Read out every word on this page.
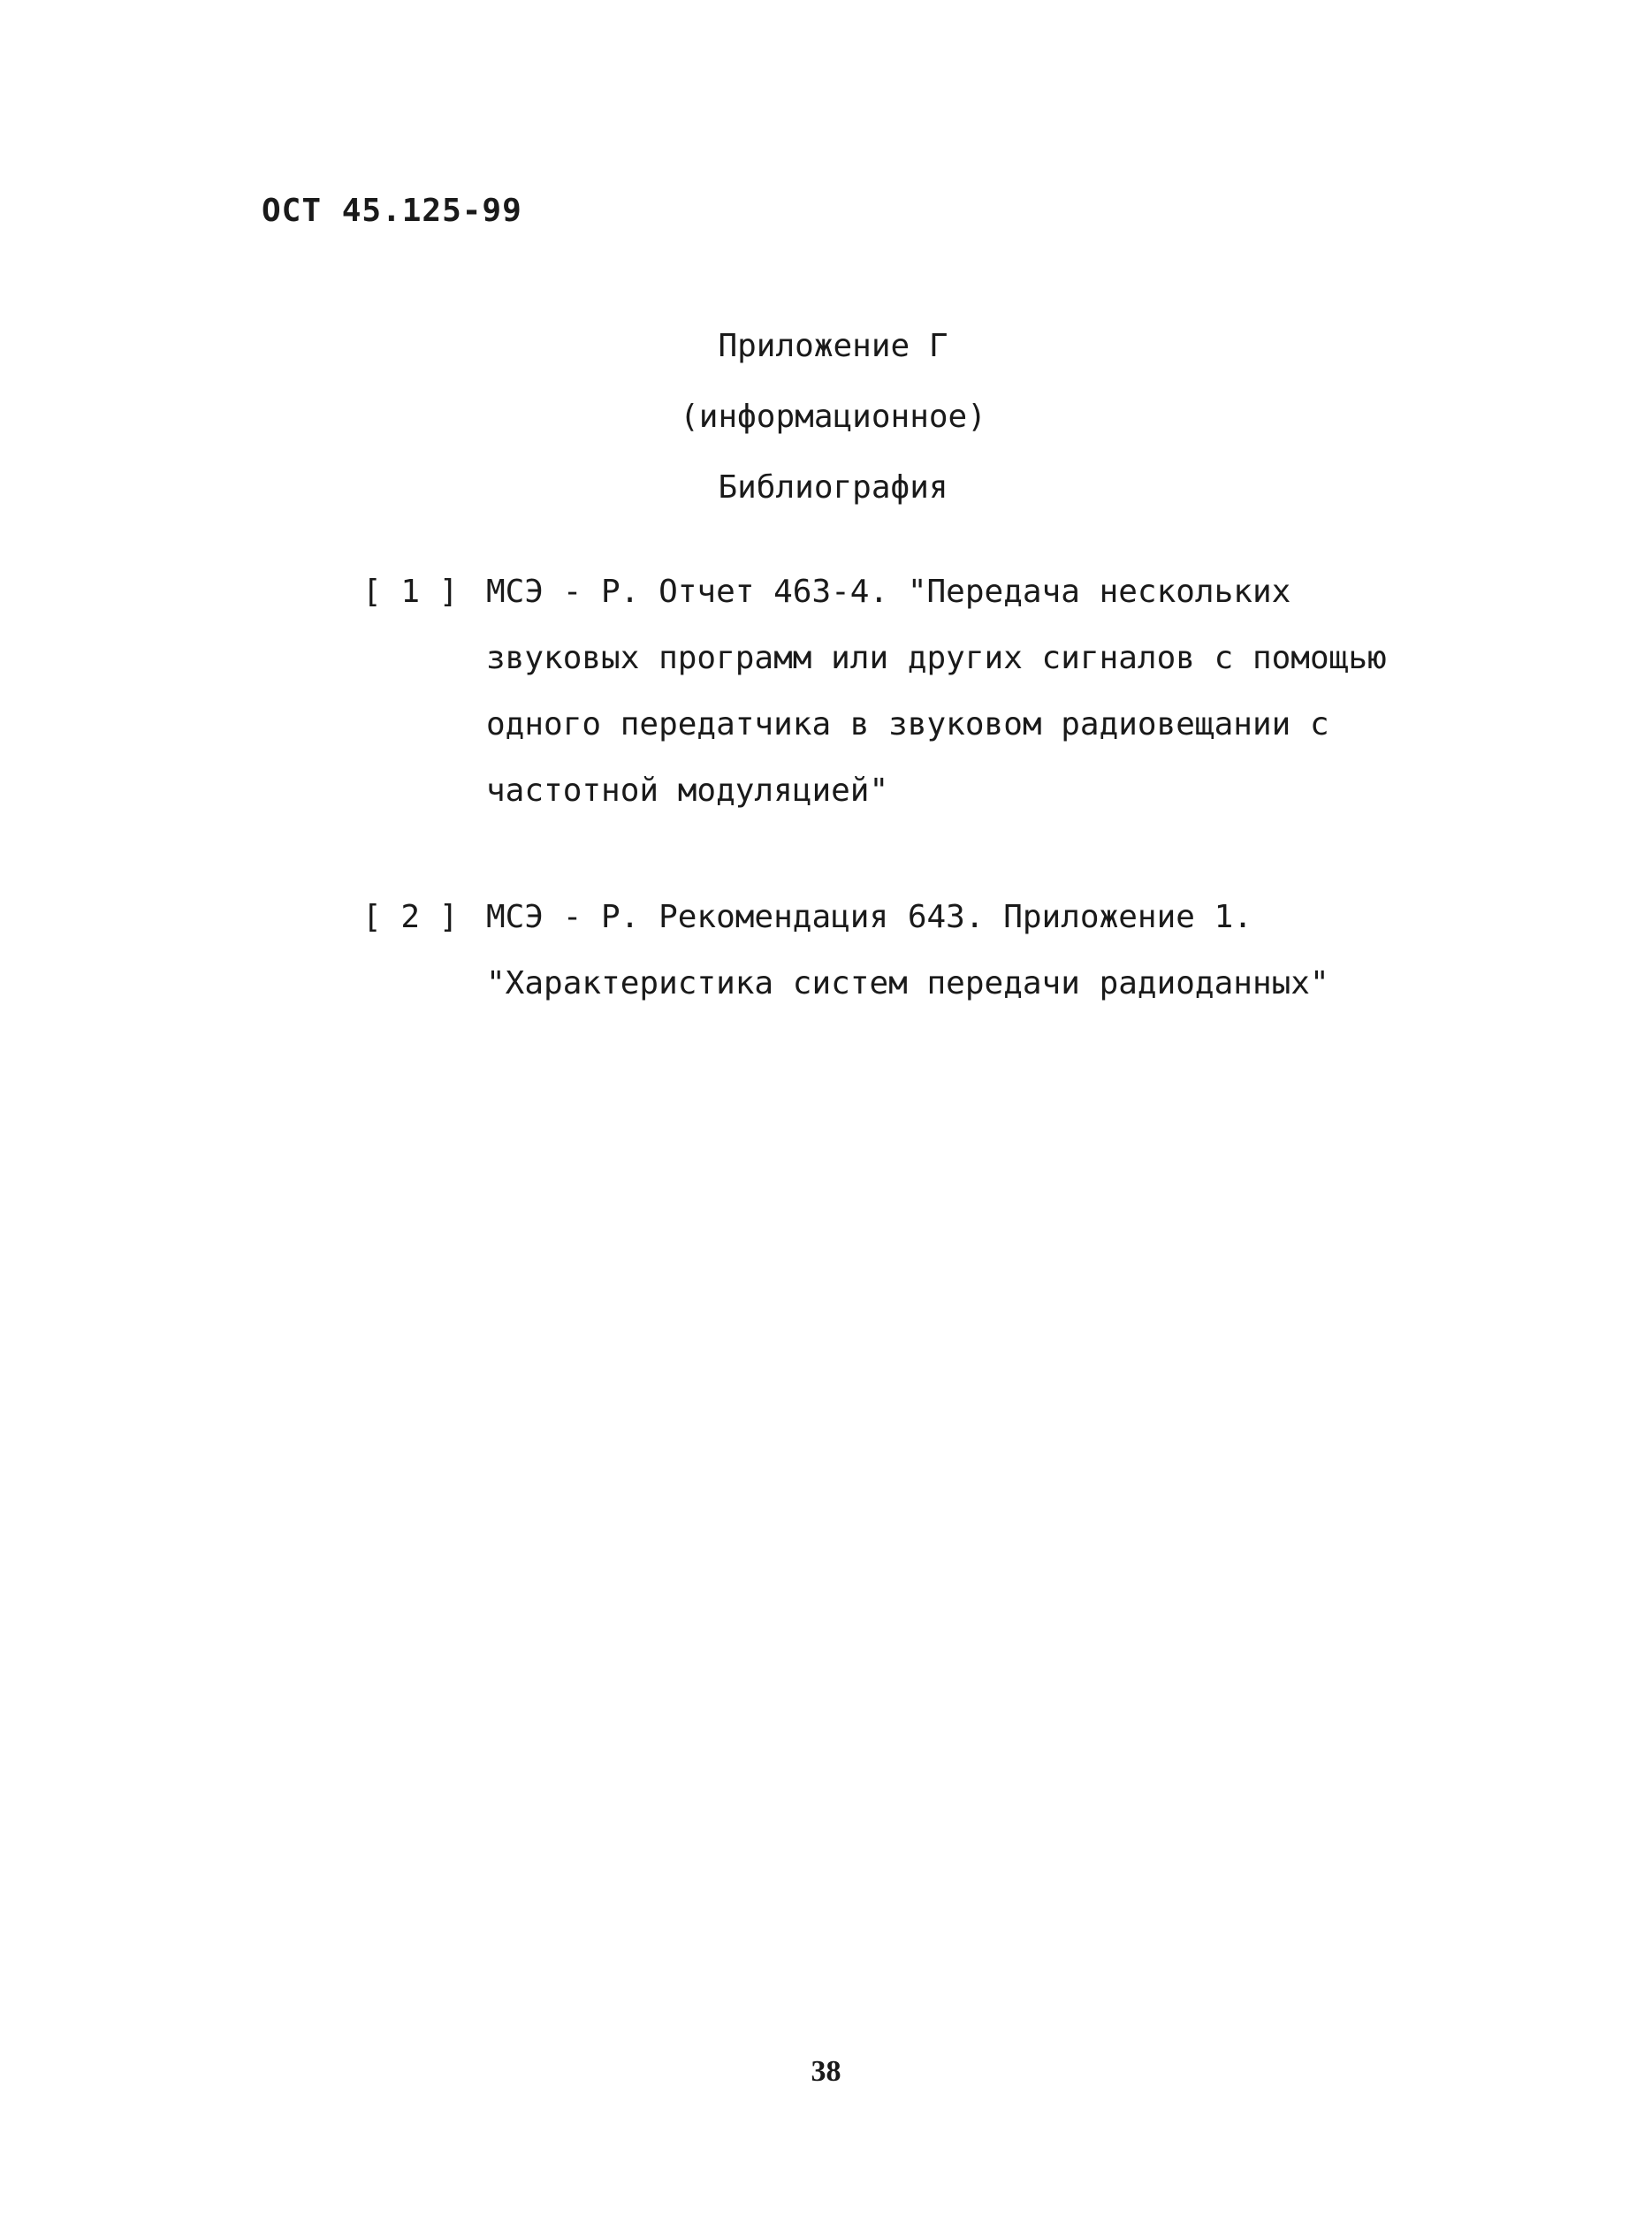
ОСТ 45.125-99
Приложение Г
(информационное)
Библиография
[ 1 ] МСЭ - Р. Отчет 463-4. "Передача нескольких звуковых программ или других сигналов с помощью одного передатчика в звуковом радиовещании с частотной модуляцией"
[ 2 ] МСЭ - Р. Рекомендация 643. Приложение 1. "Характеристика систем передачи радиоданных"
38
